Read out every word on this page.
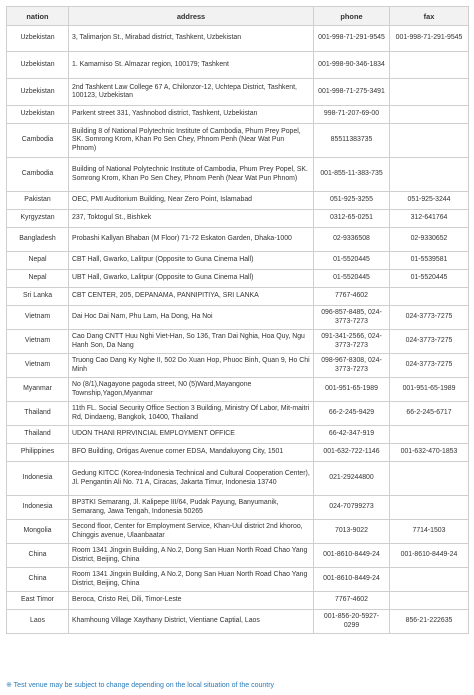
nation	address	phone	fax
Uzbekistan	3, Talimarjon St., Mirabad district, Tashkent, Uzbekistan	001-998-71-291-9545	001-998-71-291-9545
Uzbekistan	1. Kamarniso St. Almazar region, 100179; Tashkent	001-998-90-346-1834	
Uzbekistan	2nd Tashkent Law College 67 A, Chilonzor-12, Uchtepa District, Tashkent, 100123, Uzbekistan	001-998-71-275-3491	
Uzbekistan	Parkent street 331, Yashnobod district, Tashkent, Uzbekistan	998-71-207-69-00	
Cambodia	Building 8 of National Polytechnic Institute of Cambodia, Phum Prey Popel, SK. Somrong Krom, Khan Po Sen Chey, Phnom Penh (Near Wat Pun Phnom)	85511383735	
Cambodia	Building of National Polytechnic Institute of Cambodia, Phum Prey Popel, SK. Somrong Krom, Khan Po Sen Chey, Phnom Penh (Near Wat Pun Phnom)	001-855-11-383-735	
Pakistan	OEC, PMI Auditorium Building, Near Zero Point, Islamabad	051-925-3255	051-925-3244
Kyrgyzstan	237, Toktogul St., Bishkek	0312-65-0251	312-641764
Bangladesh	Probashi Kallyan Bhaban (M Floor) 71-72 Eskaton Garden, Dhaka-1000	02-9336508	02-9330652
Nepal	CBT Hall, Gwarko, Lalitpur (Opposite to Guna Cinema Hall)	01-5520445	01-5539581
Nepal	UBT Hall, Gwarko, Lalitpur (Opposite to Guna Cinema Hall)	01-5520445	01-5520445
Sri Lanka	CBT CENTER, 205, DEPANAMA, PANNIPITIYA, SRI LANKA	7767-4602	
Vietnam	Dai Hoc Dai Nam, Phu Lam, Ha Dong, Ha Noi	096-857-8485, 024-3773-7273	024-3773-7275
Vietnam	Cao Dang CNTT Huu Nghi Viet-Han, So 136, Tran Dai Nghia, Hoa Quy, Ngu Hanh Son, Da Nang	091-341-2566, 024-3773-7273	024-3773-7275
Vietnam	Truong Cao Dang Ky Nghe II, 502 Do Xuan Hop, Phuoc Binh, Quan 9, Ho Chi Minh	098-967-8308, 024-3773-7273	024-3773-7275
Myanmar	No (8/1),Nagayone pagoda street, N0 (5)Ward,Mayangone Township,Yagon,Myanmar	001-951-65-1989	001-951-65-1989
Thailand	11th FL. Social Security Office Section 3 Building, Ministry Of Labor, Mit-maitri Rd, Dindaeng, Bangkok, 10400, Thailand	66-2-245-9429	66-2-245-6717
Thailand	UDON THANI RPRVINCIAL EMPLOYMENT OFFICE	66-42-347-919	
Philippines	BFO Building, Ortigas Avenue corner EDSA, Mandaluyong City, 1501	001-632-722-1146	001-632-470-1853
Indonesia	Gedung KITCC (Korea-Indonesia Technical and Cultural Cooperation Center), Jl. Pengantin Ali No. 71 A, Ciracas, Jakarta Timur, Indonesia 13740	021-29244800	
Indonesia	BP3TKI Semarang, Jl. Kalipepe III/64, Pudak Payung, Banyumanik, Semarang, Jawa Tengah, Indonesia 50265	024-70799273	
Mongolia	Second floor, Center for Employment Service, Khan-Uul district 2nd khoroo, Chinggis avenue, Ulaanbaatar	7013-9022	7714-1503
China	Room 1341 Jingxin Building, A No.2, Dong San Huan North Road Chao Yang District, Beijing, China	001-8610-8449-24	001-8610-8449-24
China	Room 1341 Jingxin Building, A No.2, Dong San Huan North Road Chao Yang District, Beijing, China	001-8610-8449-24	
East Timor	Beroca, Cristo Rei, Dili, Timor-Leste	7767-4602	
Laos	Khamhoung Village Xaythany District, Vientiane Captial, Laos	001-856-20-5927-0299	856-21-222635
※ Test venue may be subject to change depending on the local situation of the country
